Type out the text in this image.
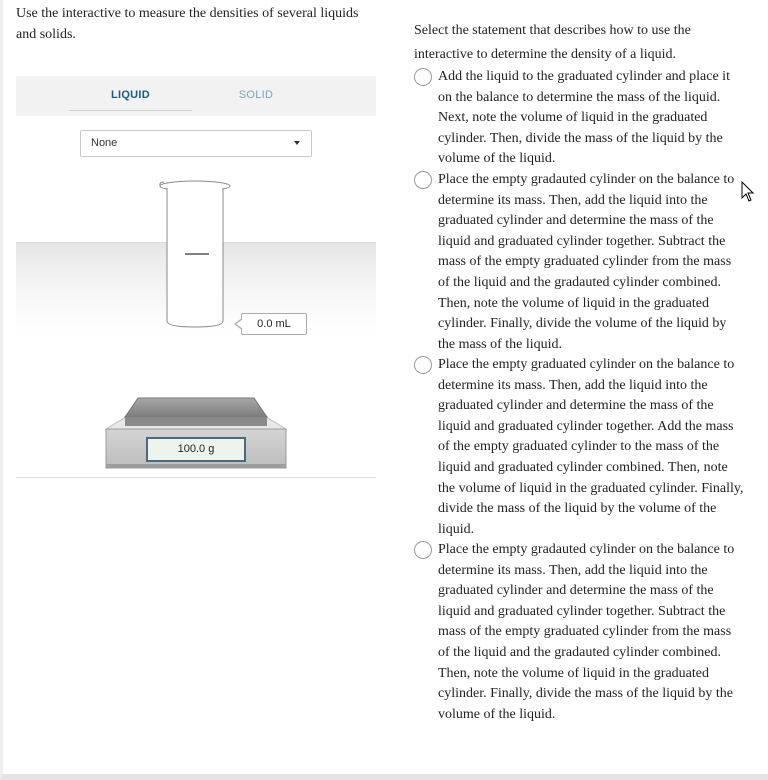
Use the interactive to measure the densities of several liquids and solids.

LIQUID	SOLID
None
0.0 mL
100.0 g

Select the statement that describes how to use the interactive to determine the density of a liquid.

Add the liquid to the graduated cylinder and place it on the balance to determine the mass of the liquid. Next, note the volume of liquid in the graduated cylinder. Then, divide the mass of the liquid by the volume of the liquid.
Place the empty gradauted cylinder on the balance to determine its mass. Then, add the liquid into the graduated cylinder and determine the mass of the liquid and graduated cylinder together. Subtract the mass of the empty graduated cylinder from the mass of the liquid and the gradauted cylinder combined. Then, note the volume of liquid in the graduated cylinder. Finally, divide the volume of the liquid by the mass of the liquid.
Place the empty graduated cylinder on the balance to determine its mass. Then, add the liquid into the graduated cylinder and determine the mass of the liquid and graduated cylinder together. Add the mass of the empty graduated cylinder to the mass of the liquid and graduated cylinder combined. Then, note the volume of liquid in the graduated cylinder. Finally, divide the mass of the liquid by the volume of the liquid.
Place the empty gradauted cylinder on the balance to determine its mass. Then, add the liquid into the graduated cylinder and determine the mass of the liquid and graduated cylinder together. Subtract the mass of the empty graduated cylinder from the mass of the liquid and the gradauted cylinder combined. Then, note the volume of liquid in the graduated cylinder. Finally, divide the mass of the liquid by the volume of the liquid.
